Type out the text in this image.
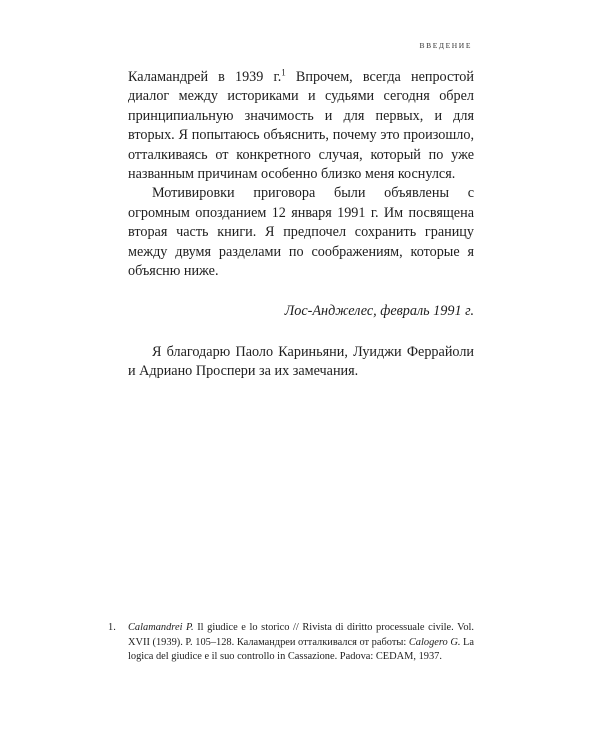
ВВЕДЕНИЕ

Каламандрей в 1939 г.$^1$ Впрочем, всегда непростой диалог между историками и судьями сегодня обрел принципиальную значимость и для первых, и для вторых. Я попытаюсь объяснить, почему это произошло, отталкиваясь от конкретного случая, который по уже названным причинам особенно близко меня коснулся.

Мотивировки приговора были объявлены с огромным опозданием 12 января 1991 г. Им посвящена вторая часть книги. Я предпочел сохранить границу между двумя разделами по соображениям, которые я объясню ниже.

Лос-Анджелес, февраль 1991 г.

Я благодарю Паоло Кариньяни, Луиджи Феррайоли и Адриано Проспери за их замечания.

1.	Calamandrei P. Il giudice e lo storico // Rivista di diritto processuale civile. Vol. XVII (1939). P. 105–128. Каламандреи отталкивался от работы: Calogero G. La logica del giudice e il suo controllo in Cassazione. Padova: CEDAM, 1937.
